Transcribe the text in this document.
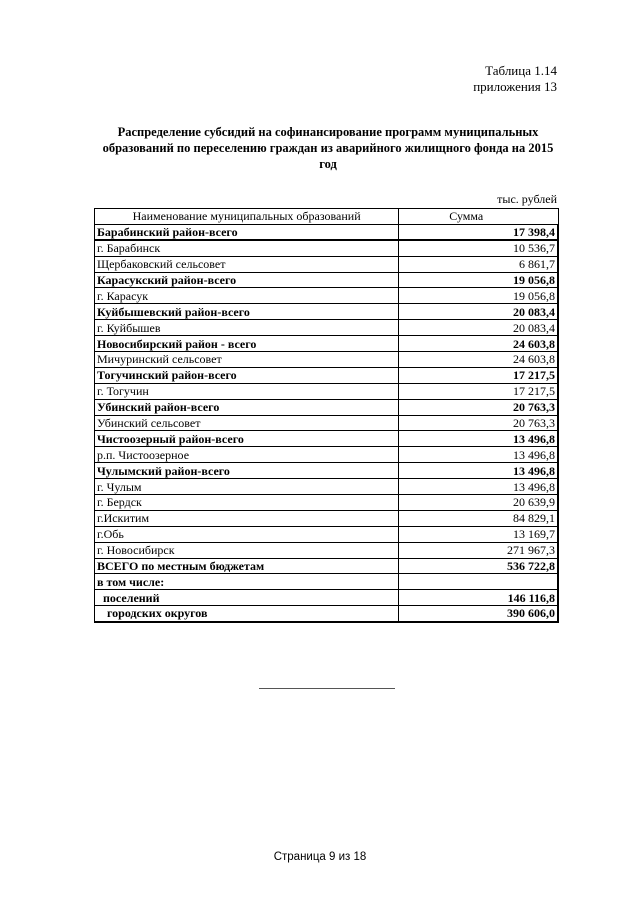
Таблица 1.14
приложения 13
Распределение субсидий на софинансирование программ муниципальных образований по переселению граждан из аварийного жилищного фонда на 2015 год
тыс. рублей
Наименование муниципальных образований	Сумма
Барабинский район-всего	17 398,4
г. Барабинск	10 536,7
Щербаковский сельсовет	6 861,7
Карасукский район-всего	19 056,8
г. Карасук	19 056,8
Куйбышевский район-всего	20 083,4
г. Куйбышев	20 083,4
Новосибирский район - всего	24 603,8
Мичуринский сельсовет	24 603,8
Тогучинский район-всего	17 217,5
г. Тогучин	17 217,5
Убинский район-всего	20 763,3
Убинский сельсовет	20 763,3
Чистоозерный район-всего	13 496,8
р.п. Чистоозерное	13 496,8
Чулымский район-всего	13 496,8
г. Чулым	13 496,8
г. Бердск	20 639,9
г.Искитим	84 829,1
г.Обь	13 169,7
г. Новосибирск	271 967,3
ВСЕГО по местным бюджетам	536 722,8
в том числе:	
поселений	146 116,8
городских округов	390 606,0
Страница 9 из 18
